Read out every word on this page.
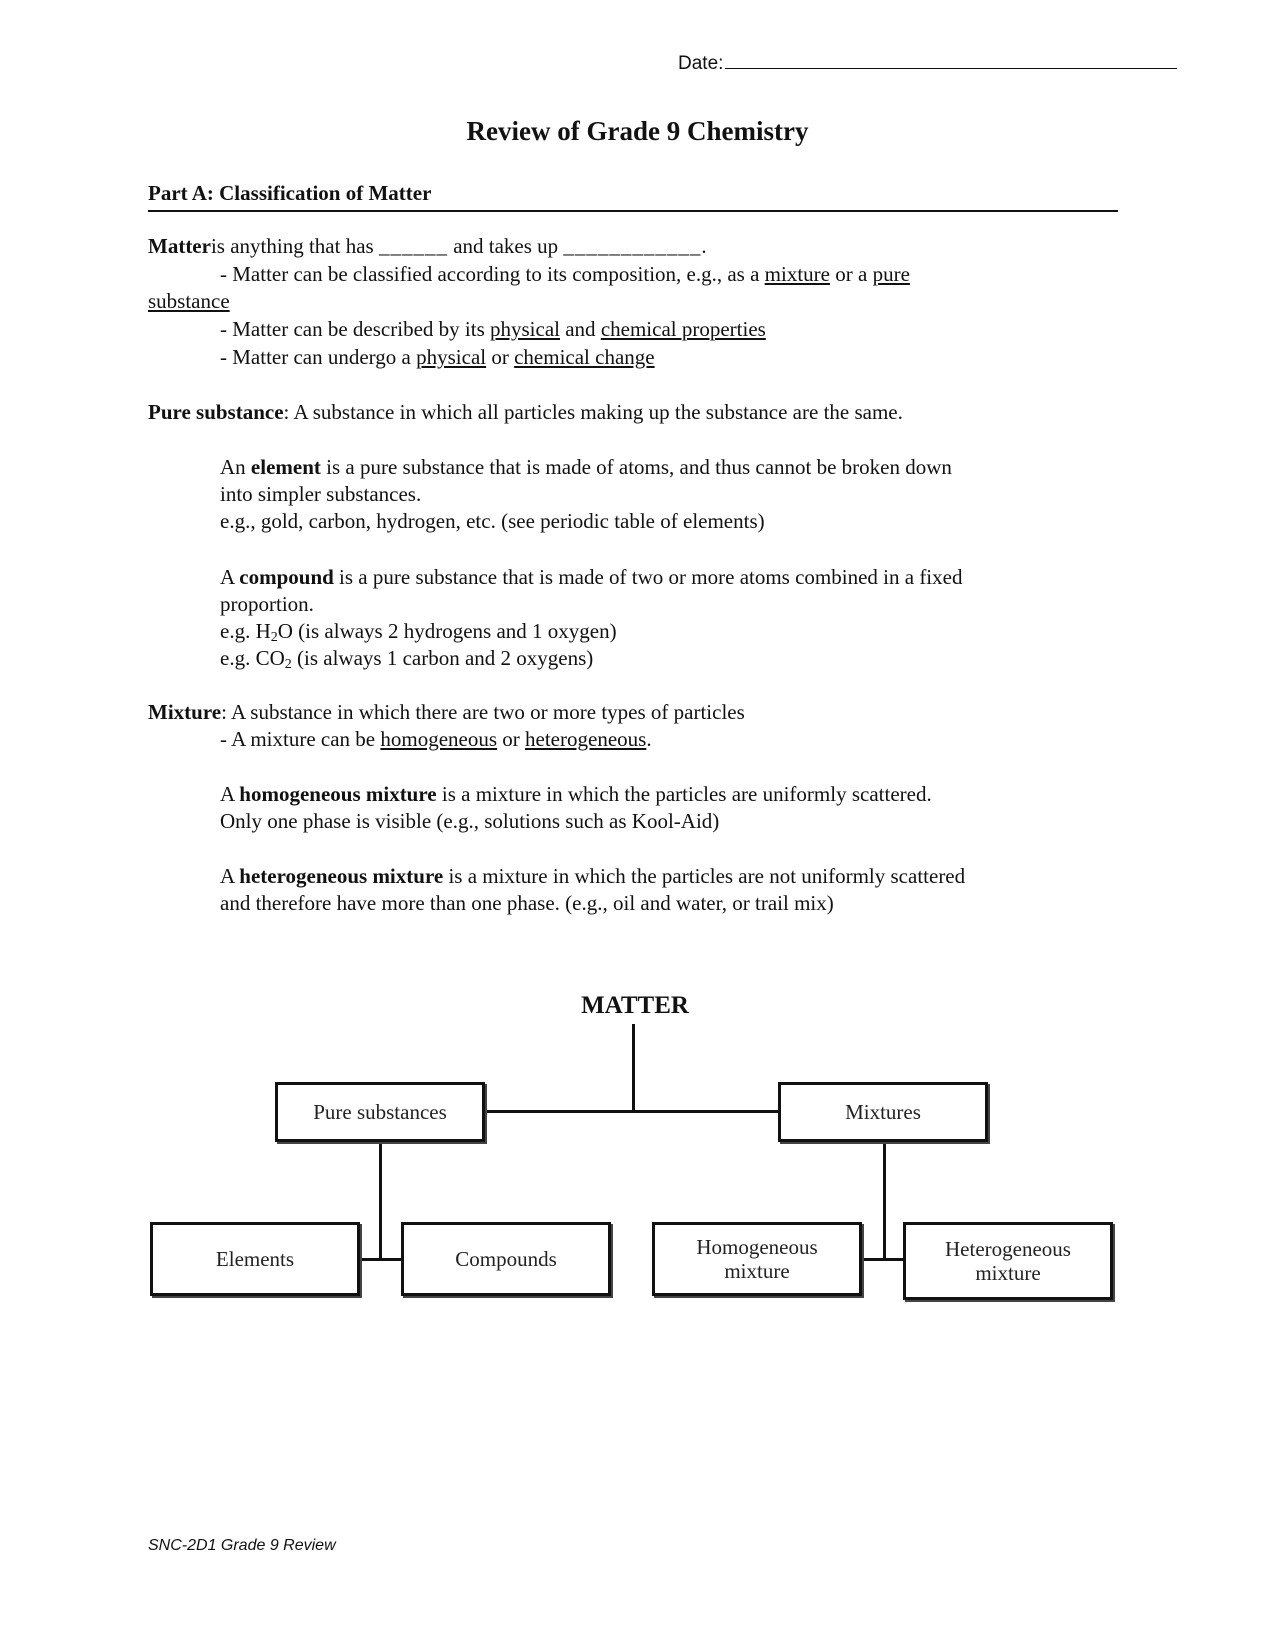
Date:
Review of Grade 9 Chemistry
Part A: Classification of Matter
Matteris anything that has ______ and takes up ____________.
- Matter can be classified according to its composition, e.g., as a mixture or a pure
substance
- Matter can be described by its physical and chemical properties
- Matter can undergo a physical or chemical change
Pure substance: A substance in which all particles making up the substance are the same.
An element is a pure substance that is made of atoms, and thus cannot be broken down
into simpler substances.
e.g., gold, carbon, hydrogen, etc. (see periodic table of elements)
A compound is a pure substance that is made of two or more atoms combined in a fixed
proportion.
e.g. $H_2O$ (is always 2 hydrogens and 1 oxygen)
e.g. $CO_2$ (is always 1 carbon and 2 oxygens)
Mixture: A substance in which there are two or more types of particles
- A mixture can be homogeneous or heterogeneous.
A homogeneous mixture is a mixture in which the particles are uniformly scattered.
Only one phase is visible (e.g., solutions such as Kool-Aid)
A heterogeneous mixture is a mixture in which the particles are not uniformly scattered
and therefore have more than one phase. (e.g., oil and water, or trail mix)
MATTER
Pure substances	Mixtures
Elements	Compounds	Homogeneous
mixture
Heterogeneous
mixture
SNC-2D1 Grade 9 Review
